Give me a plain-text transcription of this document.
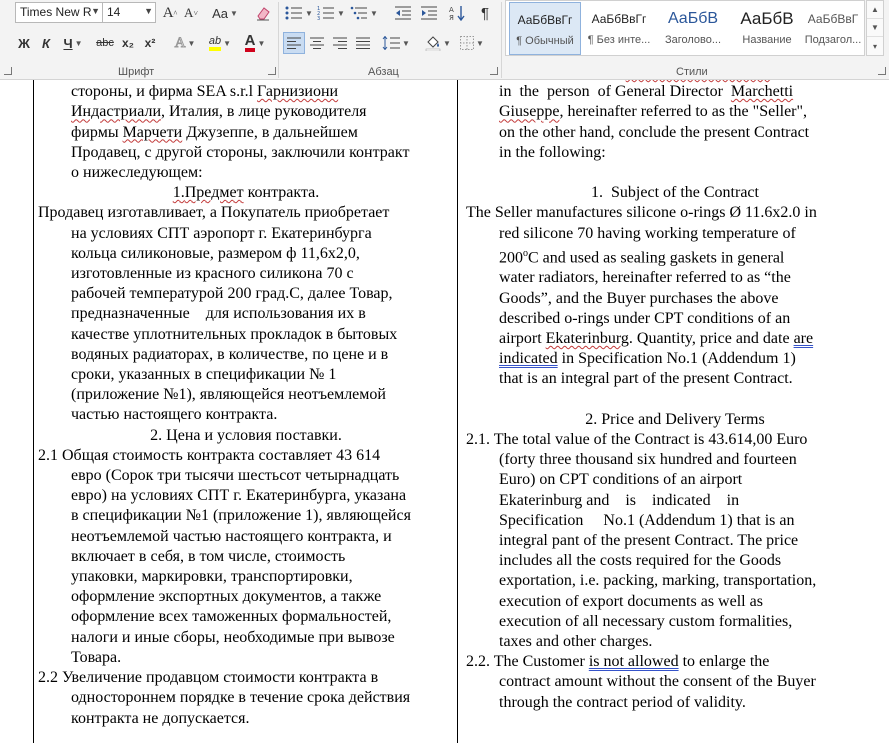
Times New R ▼ 14	▼ A ^ A ˅ Aa ▼
Ж К Ч ▼ abc x₂ x² A ▼ ab ▼ A ▼
Шрифт
▼ 1
2
3
▼	▼	A
Я ¶
▼	▼	▼
Абзац
АаБбВвГг
¶ Обычный
АаБбВвГг
¶ Без инте...
АаБбВ
Заголово...
АаБбВ
Название
АаБбВвГ
Подзагол...
▲
▼
▾
Стили
стороны, и фирма SEA s.r.l Гарнизиони
Индастриали, Италия, в лице руководителя
фирмы Марчети Джузеппе, в дальнейшем
Продавец, с другой стороны, заключили контракт
о нижеследующем:
1.Предмет контракта.
Продавец изготавливает, а Покупатель приобретает
на условиях СПТ аэропорт г. Екатеринбурга
кольца силиконовые, размером ф 11,6х2,0,
изготовленные из красного силикона 70 с
рабочей температурой 200 град.С, далее Товар,
предназначенные    для использования их в
качестве уплотнительных прокладок в бытовых
водяных радиаторах, в количестве, по цене и в
сроки, указанных в спецификации № 1
(приложение №1), являющейся неотъемлемой
частью настоящего контракта.
2. Цена и условия поставки.
2.1 Общая стоимость контракта составляет 43 614
евро (Сорок три тысячи шестьсот четырнадцать
евро) на условиях СПТ г. Екатеринбурга, указана
в спецификации №1 (приложение 1), являющейся
неотъемлемой частью настоящего контракта, и
включает в себя, в том числе, стоимость
упаковки, маркировки, транспортировки,
оформление экспортных документов, а также
оформление всех таможенных формальностей,
налоги и иные сборы, необходимые при вывозе
Товара.
2.2 Увеличение продавцом стоимости контракта в
одностороннем порядке в течение срока действия
контракта не допускается.
in  the  person  of General Director  Marchetti
Giuseppe, hereinafter referred to as the "Seller",
on the other hand, conclude the present Contract
in the following:
1.  Subject of the Contract
The Seller manufactures silicone o-rings Ø 11.6x2.0 in
red silicone 70 having working temperature of
200$^o$C and used as sealing gaskets in general
water radiators, hereinafter referred to as “the
Goods”, and the Buyer purchases the above
described o-rings under CPT conditions of an
airport Ekaterinburg. Quantity, price and date are
indicated in Specification No.1 (Addendum 1)
that is an integral part of the present Contract.
2. Price and Delivery Terms
2.1. The total value of the Contract is 43.614,00 Euro
(forty three thousand six hundred and fourteen
Euro) on CPT conditions of an airport
Ekaterinburg and    is    indicated    in
Specification     No.1 (Addendum 1) that is an
integral pant of the present Contract. The price
includes all the costs required for the Goods
exportation, i.e. packing, marking, transportation,
execution of export documents as well as
execution of all necessary custom formalities,
taxes and other charges.
2.2. The Customer is not allowed to enlarge the
contract amount without the consent of the Buyer
through the contract period of validity.
